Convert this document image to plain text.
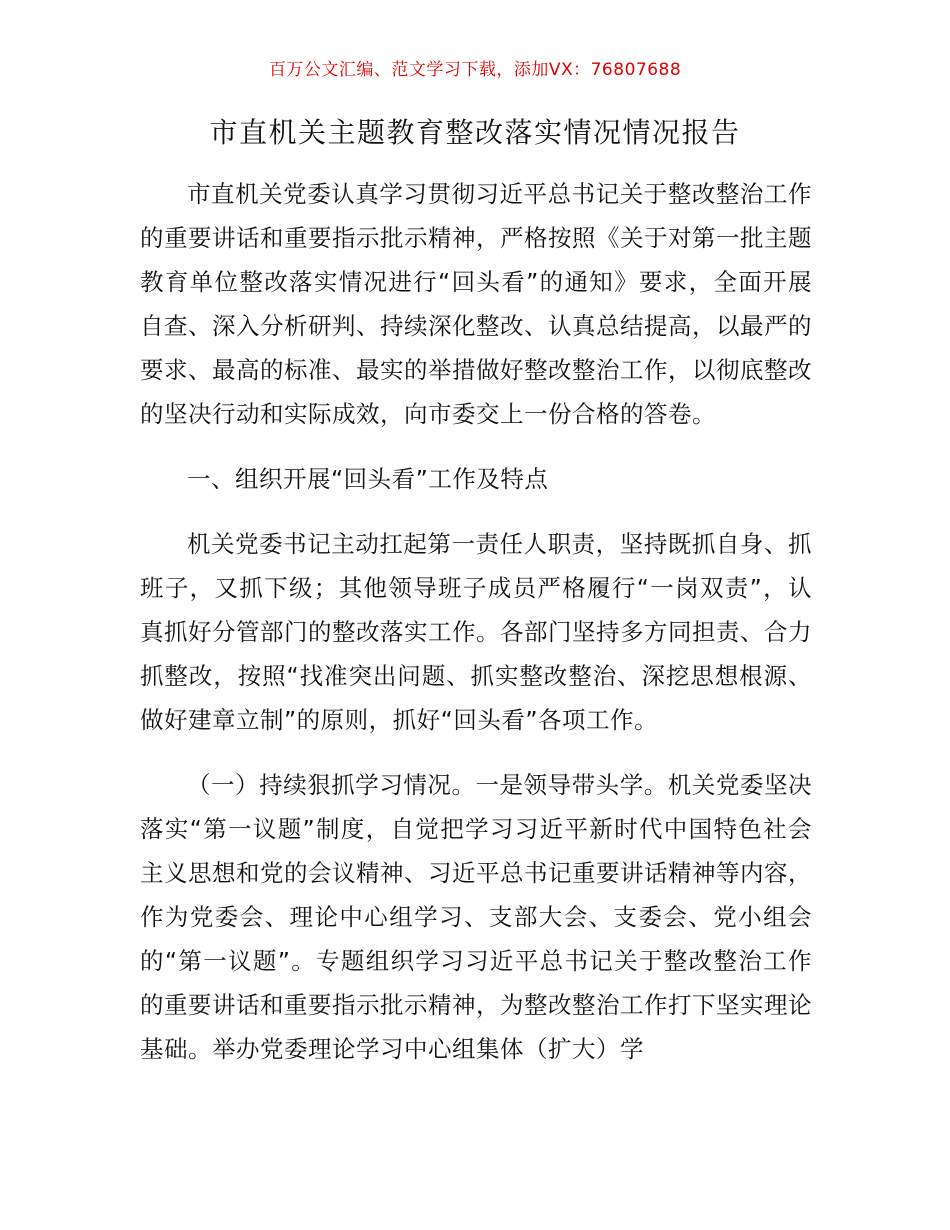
百万公文汇编、范文学习下载，添加VX：76807688
市直机关主题教育整改落实情况情况报告

市直机关党委认真学习贯彻习近平总书记关于整改整治工作的重要讲话和重要指示批示精神，严格按照《关于对第一批主题教育单位整改落实情况进行“回头看”的通知》要求，全面开展自查、深入分析研判、持续深化整改、认真总结提高，以最严的要求、最高的标准、最实的举措做好整改整治工作，以彻底整改的坚决行动和实际成效，向市委交上一份合格的答卷。

一、组织开展“回头看”工作及特点

机关党委书记主动扛起第一责任人职责，坚持既抓自身、抓班子，又抓下级；其他领导班子成员严格履行“一岗双责”，认真抓好分管部门的整改落实工作。各部门坚持多方同担责、合力抓整改，按照“找准突出问题、抓实整改整治、深挖思想根源、做好建章立制”的原则，抓好“回头看”各项工作。

（一）持续狠抓学习情况。一是领导带头学。机关党委坚决落实“第一议题”制度，自觉把学习习近平新时代中国特色社会主义思想和党的会议精神、习近平总书记重要讲话精神等内容，作为党委会、理论中心组学习、支部大会、支委会、党小组会的“第一议题”。专题组织学习习近平总书记关于整改整治工作的重要讲话和重要指示批示精神，为整改整治工作打下坚实理论基础。举办党委理论学习中心组集体（扩大）学
